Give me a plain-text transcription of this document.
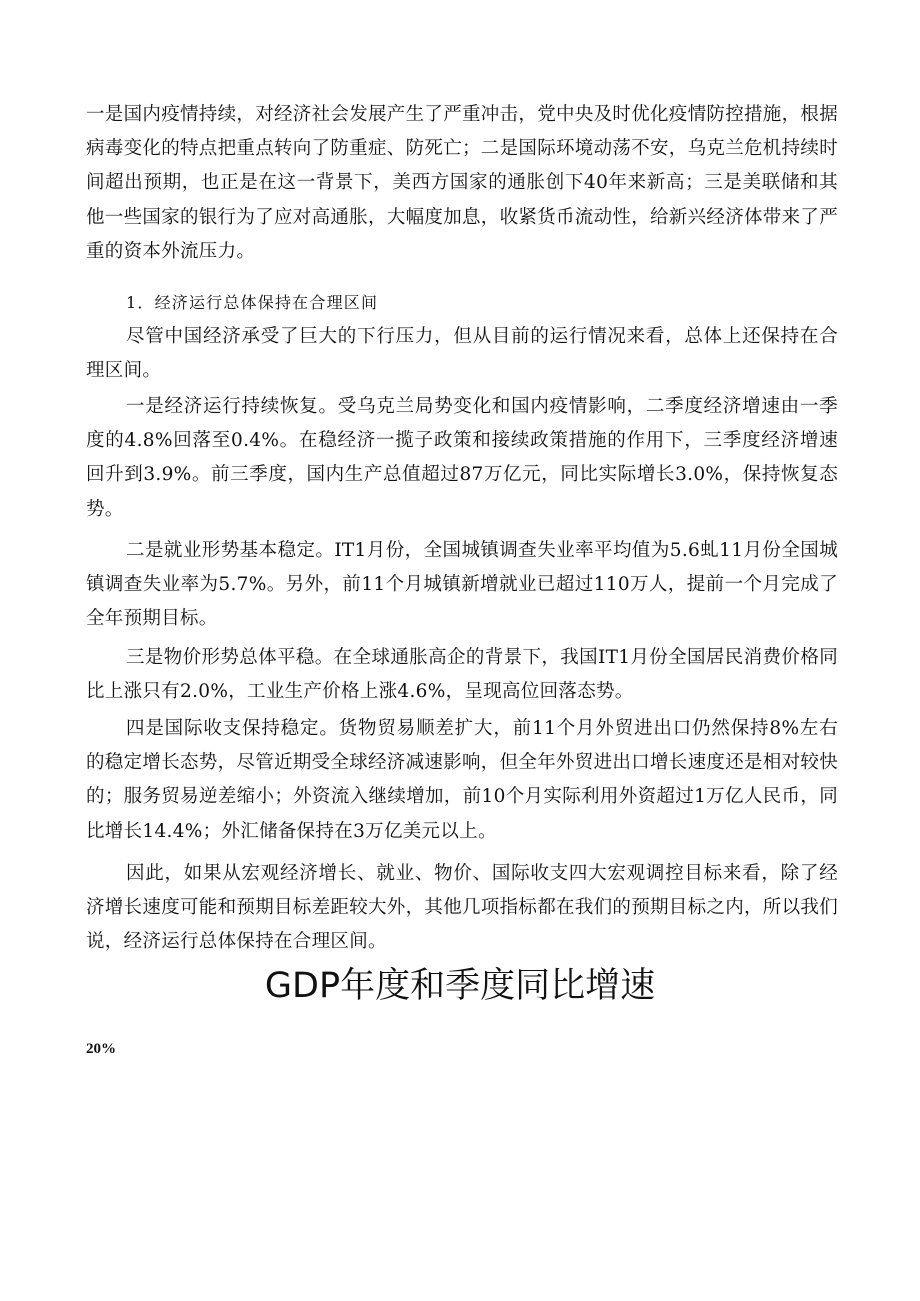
一是国内疫情持续，对经济社会发展产生了严重冲击，党中央及时优化疫情防控措施，根据病毒变化的特点把重点转向了防重症、防死亡；二是国际环境动荡不安，乌克兰危机持续时间超出预期，也正是在这一背景下，美西方国家的通胀创下40年来新高；三是美联储和其他一些国家的银行为了应对高通胀，大幅度加息，收紧货币流动性，给新兴经济体带来了严重的资本外流压力。

1．经济运行总体保持在合理区间

尽管中国经济承受了巨大的下行压力，但从目前的运行情况来看，总体上还保持在合理区间。

一是经济运行持续恢复。受乌克兰局势变化和国内疫情影响，二季度经济增速由一季度的4.8%回落至0.4%。在稳经济一揽子政策和接续政策措施的作用下，三季度经济增速回升到3.9%。前三季度，国内生产总值超过87万亿元，同比实际增长3.0%，保持恢复态势。

二是就业形势基本稳定。IT1月份，全国城镇调查失业率平均值为5.6虬11月份全国城镇调查失业率为5.7%。另外，前11个月城镇新增就业已超过110万人，提前一个月完成了全年预期目标。

三是物价形势总体平稳。在全球通胀高企的背景下，我国IT1月份全国居民消费价格同比上涨只有2.0%，工业生产价格上涨4.6%，呈现高位回落态势。

四是国际收支保持稳定。货物贸易顺差扩大，前11个月外贸进出口仍然保持8%左右的稳定增长态势，尽管近期受全球经济减速影响，但全年外贸进出口增长速度还是相对较快的；服务贸易逆差缩小；外资流入继续增加，前10个月实际利用外资超过1万亿人民币，同比增长14.4%；外汇储备保持在3万亿美元以上。

因此，如果从宏观经济增长、就业、物价、国际收支四大宏观调控目标来看，除了经济增长速度可能和预期目标差距较大外，其他几项指标都在我们的预期目标之内，所以我们说，经济运行总体保持在合理区间。

GDP年度和季度同比增速
20%
